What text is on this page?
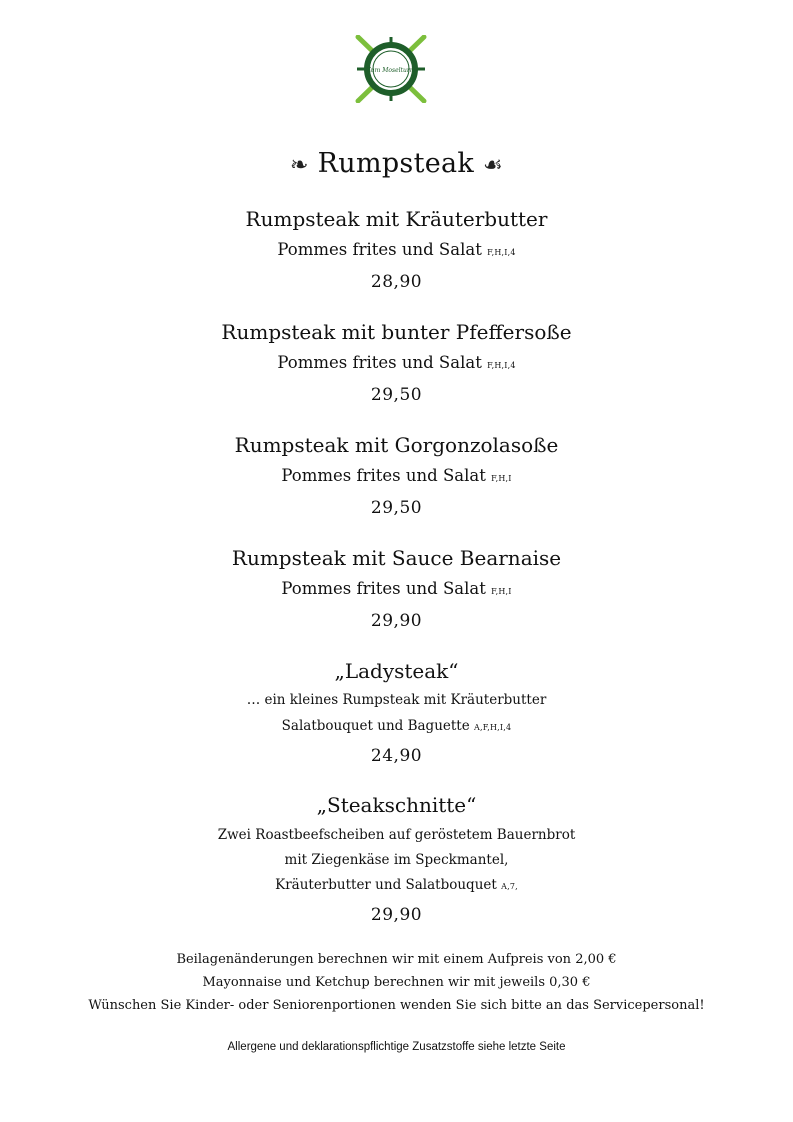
Zum Moselturm
❧ Rumpsteak ☙
Rumpsteak mit Kräuterbutter
Pommes frites und Salat F,H,I,4
28,90
Rumpsteak mit bunter Pfeffersoße
Pommes frites und Salat F,H,I,4
29,50
Rumpsteak mit Gorgonzolasoße
Pommes frites und Salat F,H,I
29,50
Rumpsteak mit Sauce Bearnaise
Pommes frites und Salat F,H,I
29,90
„Ladysteak“
… ein kleines Rumpsteak mit Kräuterbutter
Salatbouquet und Baguette A,F,H,I,4
24,90
„Steakschnitte“
Zwei Roastbeefscheiben auf geröstetem Bauernbrot
mit Ziegenkäse im Speckmantel,
Kräuterbutter und Salatbouquet A,7,
29,90
Beilagenänderungen berechnen wir mit einem Aufpreis von 2,00 €
Mayonnaise und Ketchup berechnen wir mit jeweils 0,30 €
Wünschen Sie Kinder- oder Seniorenportionen wenden Sie sich bitte an das Servicepersonal!
Allergene und deklarationspflichtige Zusatzstoffe siehe letzte Seite
